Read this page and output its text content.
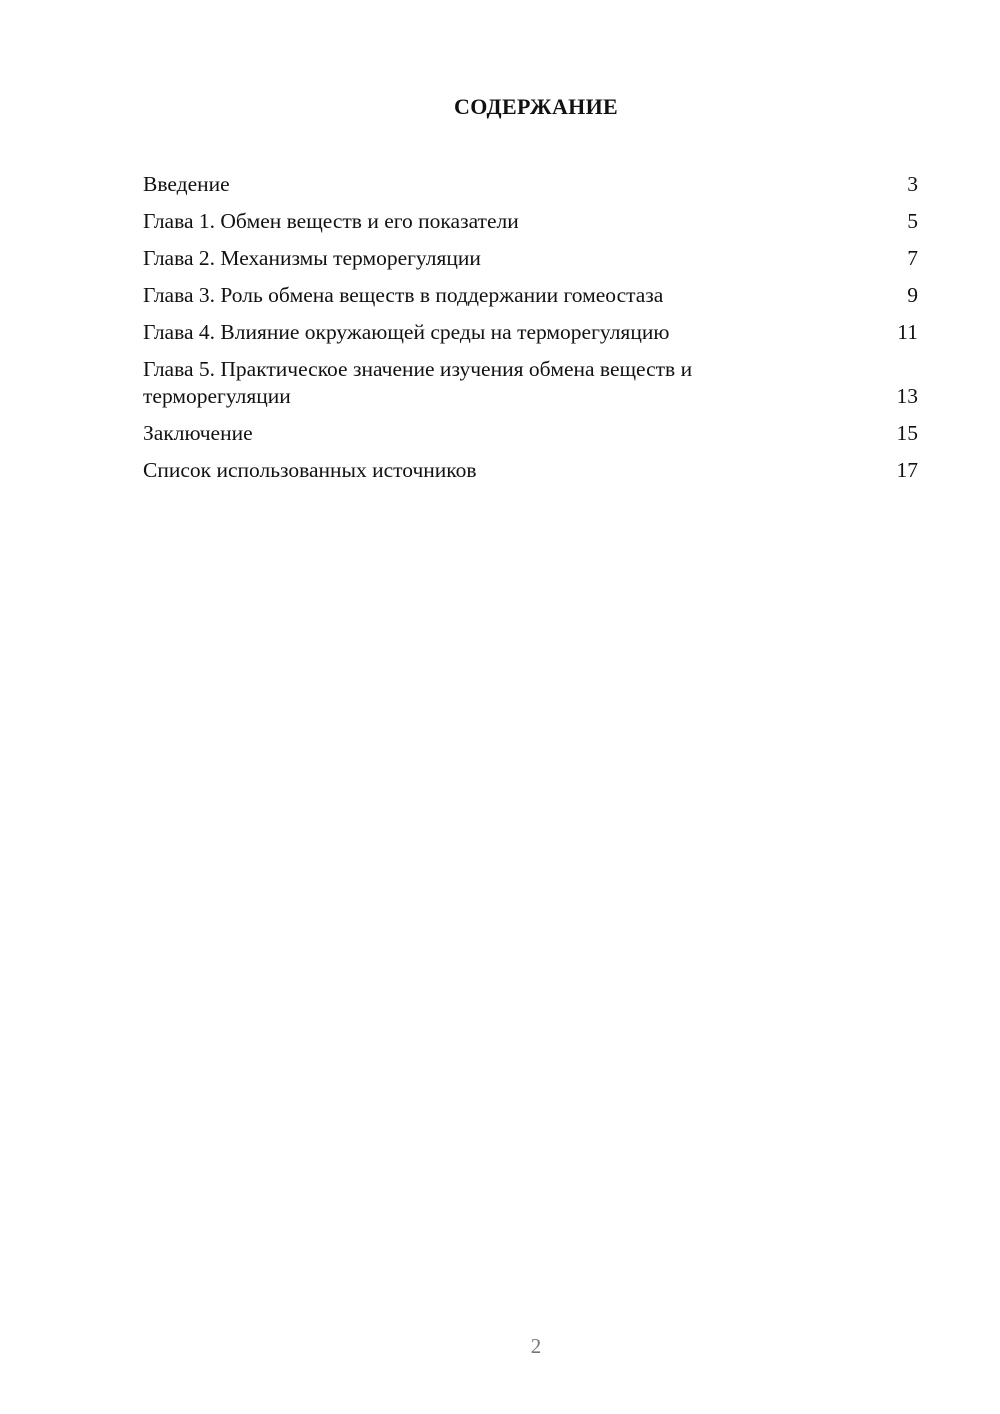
СОДЕРЖАНИЕ
Введение	3
Глава 1. Обмен веществ и его показатели	5
Глава 2. Механизмы терморегуляции	7
Глава 3. Роль обмена веществ в поддержании гомеостаза	9
Глава 4. Влияние окружающей среды на терморегуляцию	11
Глава 5. Практическое значение изучения обмена веществ и терморегуляции	13
Заключение	15
Список использованных источников	17
2
